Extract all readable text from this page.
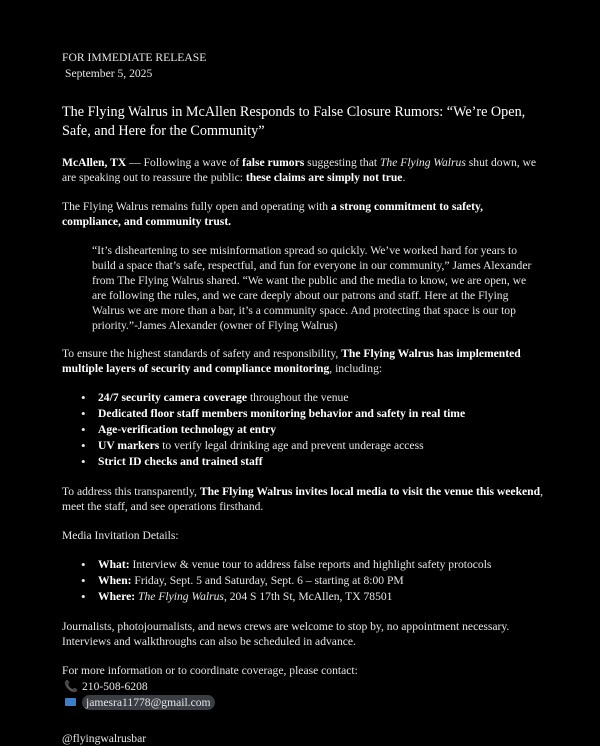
FOR IMMEDIATE RELEASE
September 5, 2025
The Flying Walrus in McAllen Responds to False Closure Rumors: “We’re Open, Safe, and Here for the Community”

McAllen, TX — Following a wave of false rumors suggesting that The Flying Walrus shut down, we are speaking out to reassure the public: these claims are simply not true.

The Flying Walrus remains fully open and operating with a strong commitment to safety, compliance, and community trust.

“It’s disheartening to see misinformation spread so quickly. We’ve worked hard for years to build a space that’s safe, respectful, and fun for everyone in our community,” James Alexander from The Flying Walrus shared. “We want the public and the media to know, we are open, we are following the rules, and we care deeply about our patrons and staff. Here at the Flying Walrus we are more than a bar, it’s a community space. And protecting that space is our top priority.”-James Alexander (owner of Flying Walrus)

To ensure the highest standards of safety and responsibility, The Flying Walrus has implemented multiple layers of security and compliance monitoring, including:

• 24/7 security camera coverage throughout the venue
• Dedicated floor staff members monitoring behavior and safety in real time
• Age-verification technology at entry
• UV markers to verify legal drinking age and prevent underage access
• Strict ID checks and trained staff

To address this transparently, The Flying Walrus invites local media to visit the venue this weekend, meet the staff, and see operations firsthand.

Media Invitation Details:

• What: Interview & venue tour to address false reports and highlight safety protocols
• When: Friday, Sept. 5 and Saturday, Sept. 6 – starting at 8:00 PM
• Where: The Flying Walrus, 204 S 17th St, McAllen, TX 78501

Journalists, photojournalists, and news crews are welcome to stop by, no appointment necessary. Interviews and walkthroughs can also be scheduled in advance.

For more information or to coordinate coverage, please contact:
📞 210-508-6208
jamesra11778@gmail.com

@flyingwalrusbar
